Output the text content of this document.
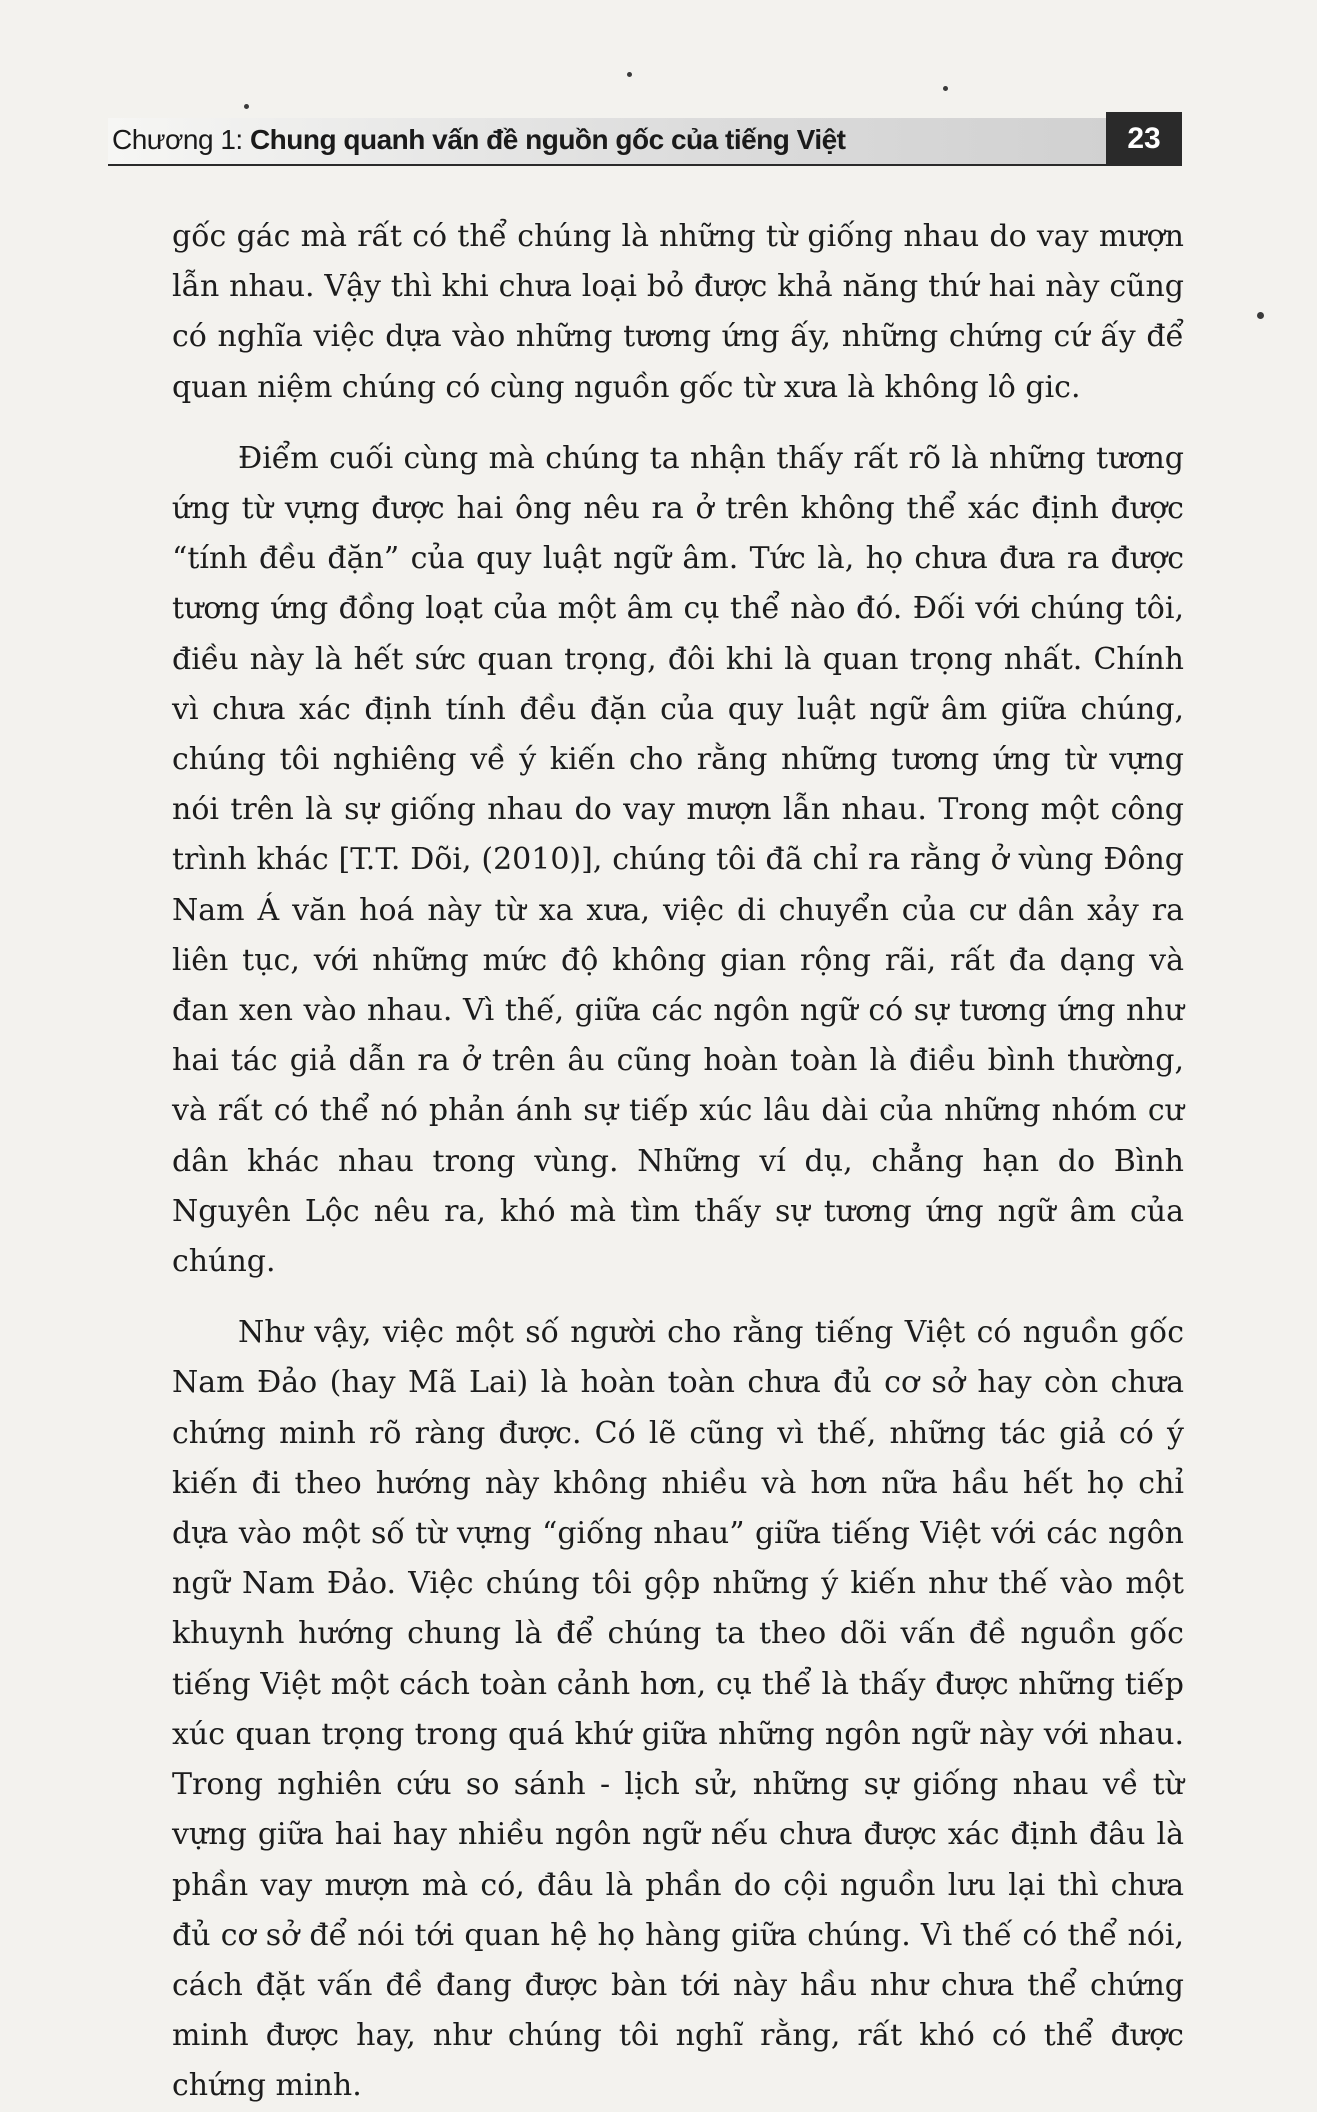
Chương 1: Chung quanh vấn đề nguồn gốc của tiếng Việt	23

gốc gác mà rất có thể chúng là những từ giống nhau do vay mượn lẫn nhau. Vậy thì khi chưa loại bỏ được khả năng thứ hai này cũng có nghĩa việc dựa vào những tương ứng ấy, những chứng cứ ấy để quan niệm chúng có cùng nguồn gốc từ xưa là không lô gic.

Điểm cuối cùng mà chúng ta nhận thấy rất rõ là những tương ứng từ vựng được hai ông nêu ra ở trên không thể xác định được “tính đều đặn” của quy luật ngữ âm. Tức là, họ chưa đưa ra được tương ứng đồng loạt của một âm cụ thể nào đó. Đối với chúng tôi, điều này là hết sức quan trọng, đôi khi là quan trọng nhất. Chính vì chưa xác định tính đều đặn của quy luật ngữ âm giữa chúng, chúng tôi nghiêng về ý kiến cho rằng những tương ứng từ vựng nói trên là sự giống nhau do vay mượn lẫn nhau. Trong một công trình khác [T.T. Dõi, (2010)], chúng tôi đã chỉ ra rằng ở vùng Đông Nam Á văn hoá này từ xa xưa, việc di chuyển của cư dân xảy ra liên tục, với những mức độ không gian rộng rãi, rất đa dạng và đan xen vào nhau. Vì thế, giữa các ngôn ngữ có sự tương ứng như hai tác giả dẫn ra ở trên âu cũng hoàn toàn là điều bình thường, và rất có thể nó phản ánh sự tiếp xúc lâu dài của những nhóm cư dân khác nhau trong vùng. Những ví dụ, chẳng hạn do Bình Nguyên Lộc nêu ra, khó mà tìm thấy sự tương ứng ngữ âm của chúng.

Như vậy, việc một số người cho rằng tiếng Việt có nguồn gốc Nam Đảo (hay Mã Lai) là hoàn toàn chưa đủ cơ sở hay còn chưa chứng minh rõ ràng được. Có lẽ cũng vì thế, những tác giả có ý kiến đi theo hướng này không nhiều và hơn nữa hầu hết họ chỉ dựa vào một số từ vựng “giống nhau” giữa tiếng Việt với các ngôn ngữ Nam Đảo. Việc chúng tôi gộp những ý kiến như thế vào một khuynh hướng chung là để chúng ta theo dõi vấn đề nguồn gốc tiếng Việt một cách toàn cảnh hơn, cụ thể là thấy được những tiếp xúc quan trọng trong quá khứ giữa những ngôn ngữ này với nhau. Trong nghiên cứu so sánh - lịch sử, những sự giống nhau về từ vựng giữa hai hay nhiều ngôn ngữ nếu chưa được xác định đâu là phần vay mượn mà có, đâu là phần do cội nguồn lưu lại thì chưa đủ cơ sở để nói tới quan hệ họ hàng giữa chúng. Vì thế có thể nói, cách đặt vấn đề đang được bàn tới này hầu như chưa thể chứng minh được hay, như chúng tôi nghĩ rằng, rất khó có thể được chứng minh.
